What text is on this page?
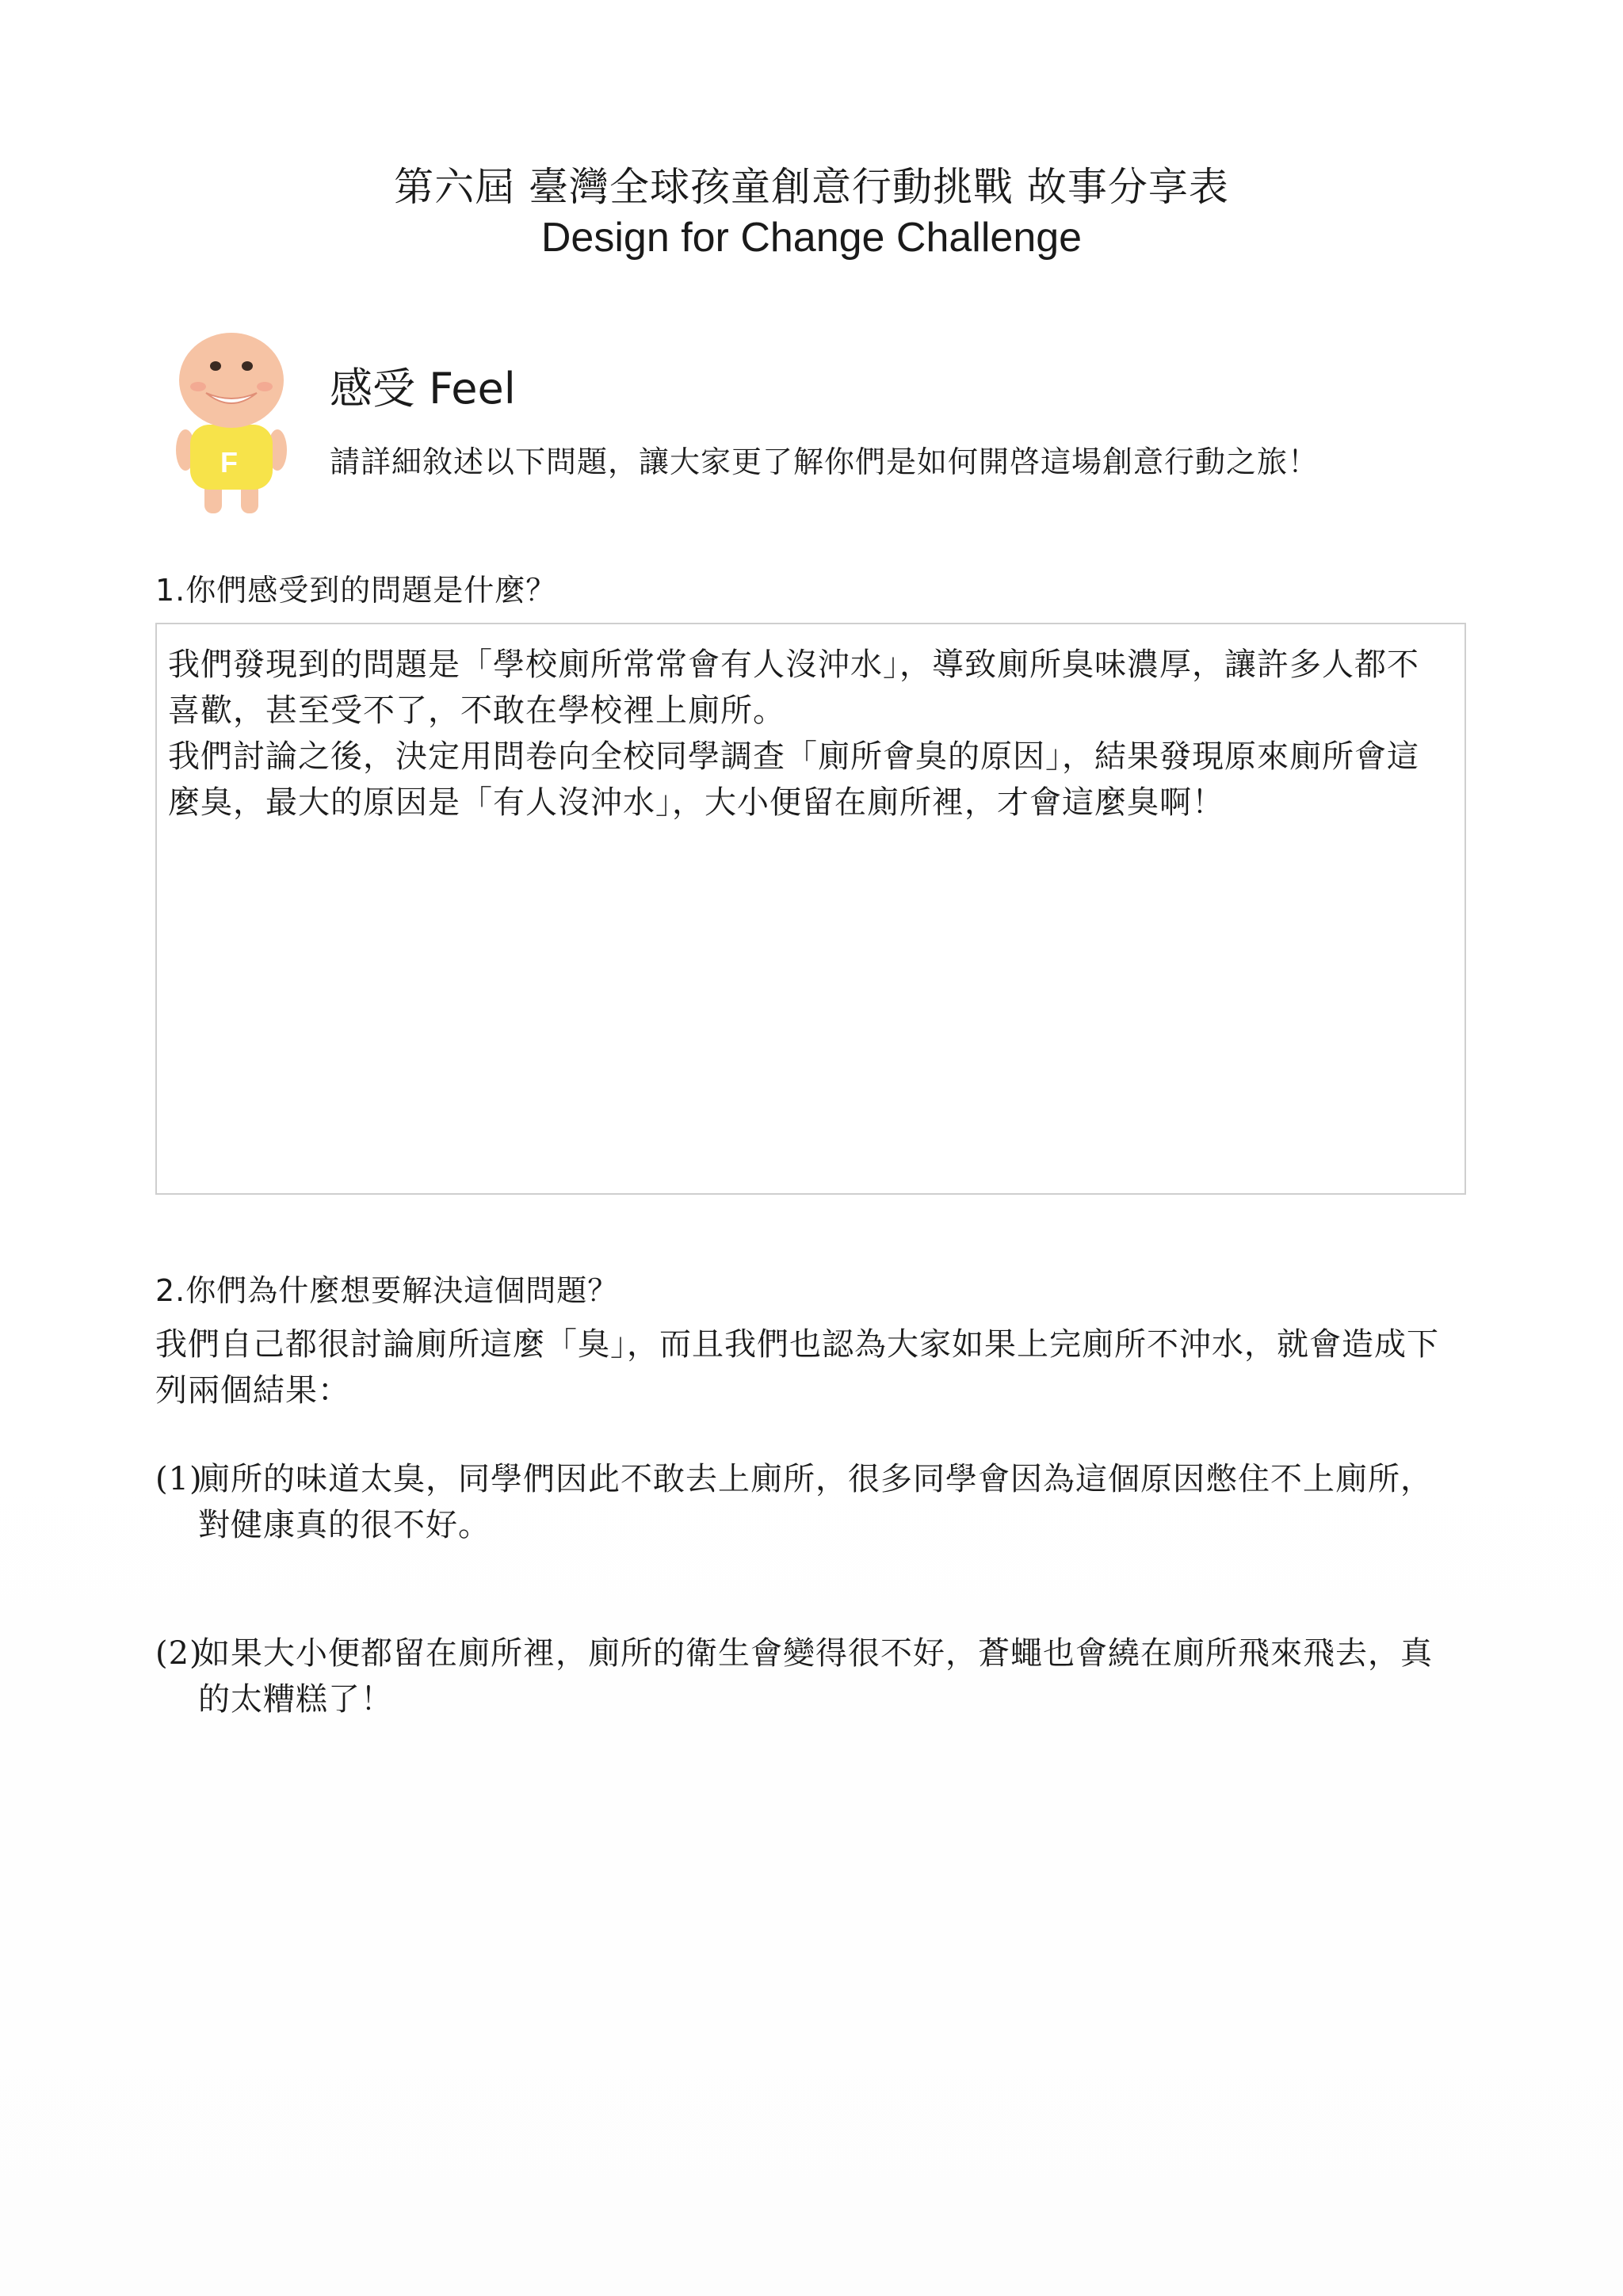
第六屆 臺灣全球孩童創意行動挑戰 故事分享表
Design for Change Challenge
F
感受 Feel
請詳細敘述以下問題，讓大家更了解你們是如何開啓這場創意行動之旅！
1.你們感受到的問題是什麼？

我們發現到的問題是「學校廁所常常會有人沒沖水」，導致廁所臭味濃厚，讓許多人都不

喜歡，甚至受不了，不敢在學校裡上廁所。

我們討論之後，決定用問卷向全校同學調查「廁所會臭的原因」，結果發現原來廁所會這

麼臭，最大的原因是「有人沒沖水」，大小便留在廁所裡，才會這麼臭啊！

2.你們為什麼想要解決這個問題？
我們自己都很討論廁所這麼「臭」，而且我們也認為大家如果上完廁所不沖水，就會造成下
列兩個結果：
(1)
廁所的味道太臭，同學們因此不敢去上廁所，很多同學會因為這個原因憋住不上廁所，
對健康真的很不好。
(2)
如果大小便都留在廁所裡，廁所的衛生會變得很不好，蒼蠅也會繞在廁所飛來飛去，真
的太糟糕了！
